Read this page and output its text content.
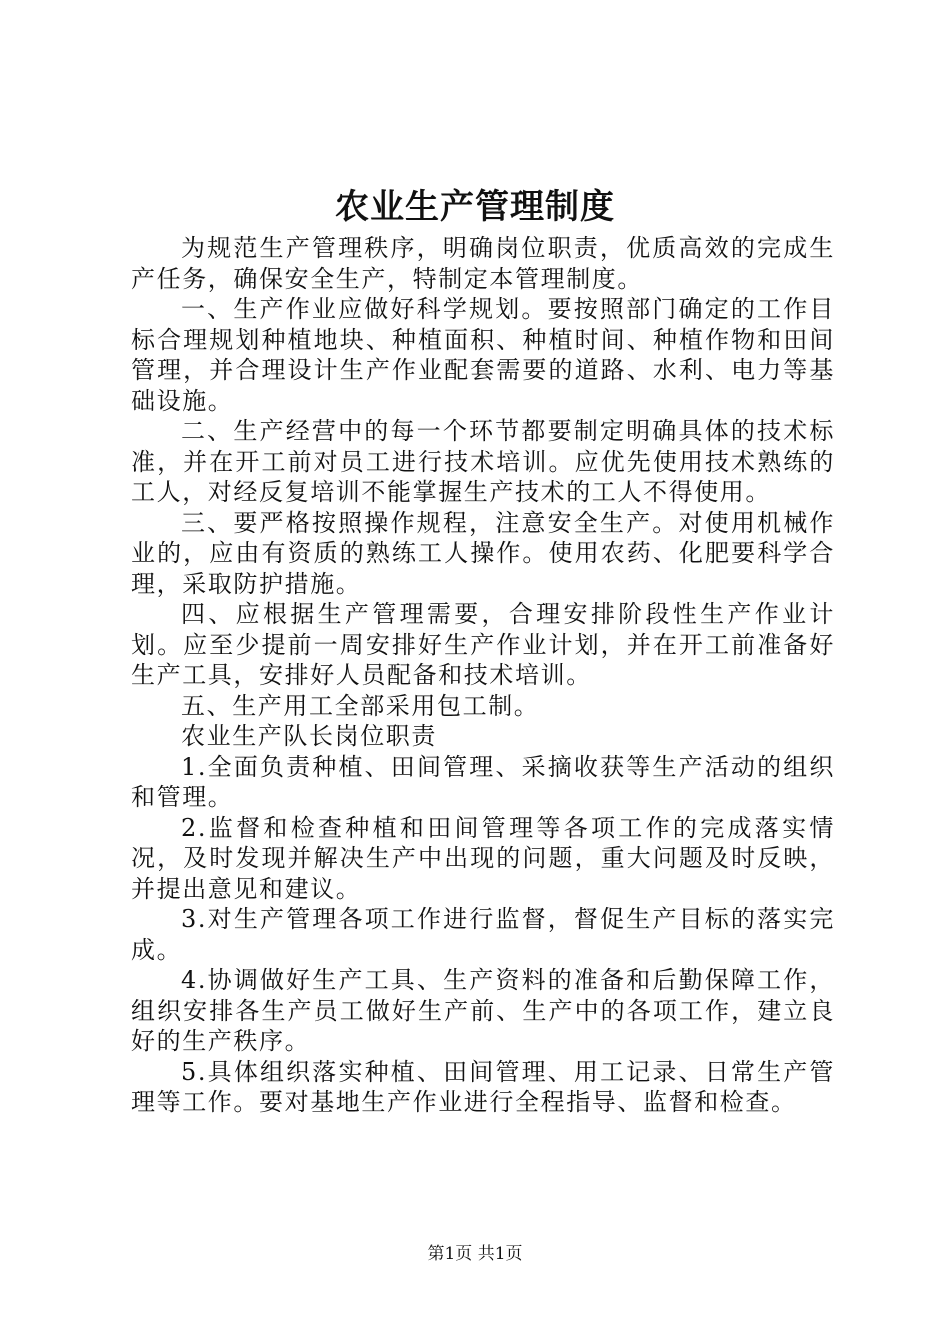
农业生产管理制度

为规范生产管理秩序，明确岗位职责，优质高效的完成生产任务，确保安全生产，特制定本管理制度。

一、生产作业应做好科学规划。要按照部门确定的工作目标合理规划种植地块、种植面积、种植时间、种植作物和田间管理，并合理设计生产作业配套需要的道路、水利、电力等基础设施。

二、生产经营中的每一个环节都要制定明确具体的技术标准，并在开工前对员工进行技术培训。应优先使用技术熟练的工人，对经反复培训不能掌握生产技术的工人不得使用。

三、要严格按照操作规程，注意安全生产。对使用机械作业的，应由有资质的熟练工人操作。使用农药、化肥要科学合理，采取防护措施。

四、应根据生产管理需要，合理安排阶段性生产作业计划。应至少提前一周安排好生产作业计划，并在开工前准备好生产工具，安排好人员配备和技术培训。

五、生产用工全部采用包工制。

农业生产队长岗位职责

1.全面负责种植、田间管理、采摘收获等生产活动的组织和管理。

2.监督和检查种植和田间管理等各项工作的完成落实情况，及时发现并解决生产中出现的问题，重大问题及时反映，并提出意见和建议。

3.对生产管理各项工作进行监督，督促生产目标的落实完成。

4.协调做好生产工具、生产资料的准备和后勤保障工作，组织安排各生产员工做好生产前、生产中的各项工作，建立良好的生产秩序。

5.具体组织落实种植、田间管理、用工记录、日常生产管理等工作。要对基地生产作业进行全程指导、监督和检查。

第1页 共1页
